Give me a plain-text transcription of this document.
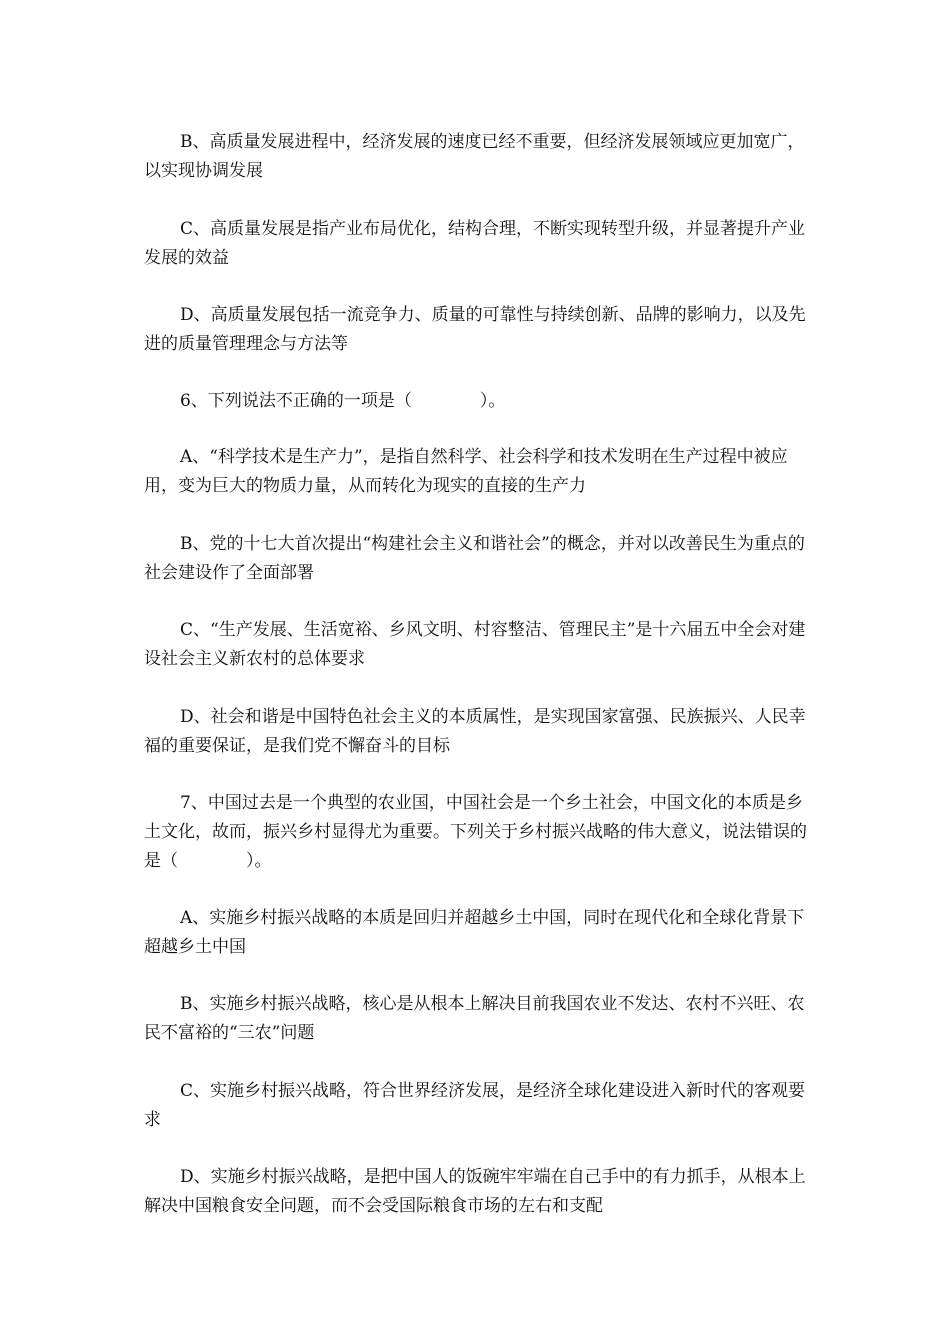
B、高质量发展进程中，经济发展的速度已经不重要，但经济发展领域应更加宽广，以实现协调发展

C、高质量发展是指产业布局优化，结构合理，不断实现转型升级，并显著提升产业发展的效益

D、高质量发展包括一流竞争力、质量的可靠性与持续创新、品牌的影响力，以及先进的质量管理理念与方法等

6、下列说法不正确的一项是（　　　　）。

A、“科学技术是生产力”，是指自然科学、社会科学和技术发明在生产过程中被应用，变为巨大的物质力量，从而转化为现实的直接的生产力

B、党的十七大首次提出“构建社会主义和谐社会”的概念，并对以改善民生为重点的社会建设作了全面部署

C、“生产发展、生活宽裕、乡风文明、村容整洁、管理民主”是十六届五中全会对建设社会主义新农村的总体要求

D、社会和谐是中国特色社会主义的本质属性，是实现国家富强、民族振兴、人民幸福的重要保证，是我们党不懈奋斗的目标

7、中国过去是一个典型的农业国，中国社会是一个乡土社会，中国文化的本质是乡土文化，故而，振兴乡村显得尤为重要。下列关于乡村振兴战略的伟大意义，说法错误的是（　　　　）。

A、实施乡村振兴战略的本质是回归并超越乡土中国，同时在现代化和全球化背景下超越乡土中国

B、实施乡村振兴战略，核心是从根本上解决目前我国农业不发达、农村不兴旺、农民不富裕的“三农”问题

C、实施乡村振兴战略，符合世界经济发展，是经济全球化建设进入新时代的客观要求

D、实施乡村振兴战略，是把中国人的饭碗牢牢端在自己手中的有力抓手，从根本上解决中国粮食安全问题，而不会受国际粮食市场的左右和支配
